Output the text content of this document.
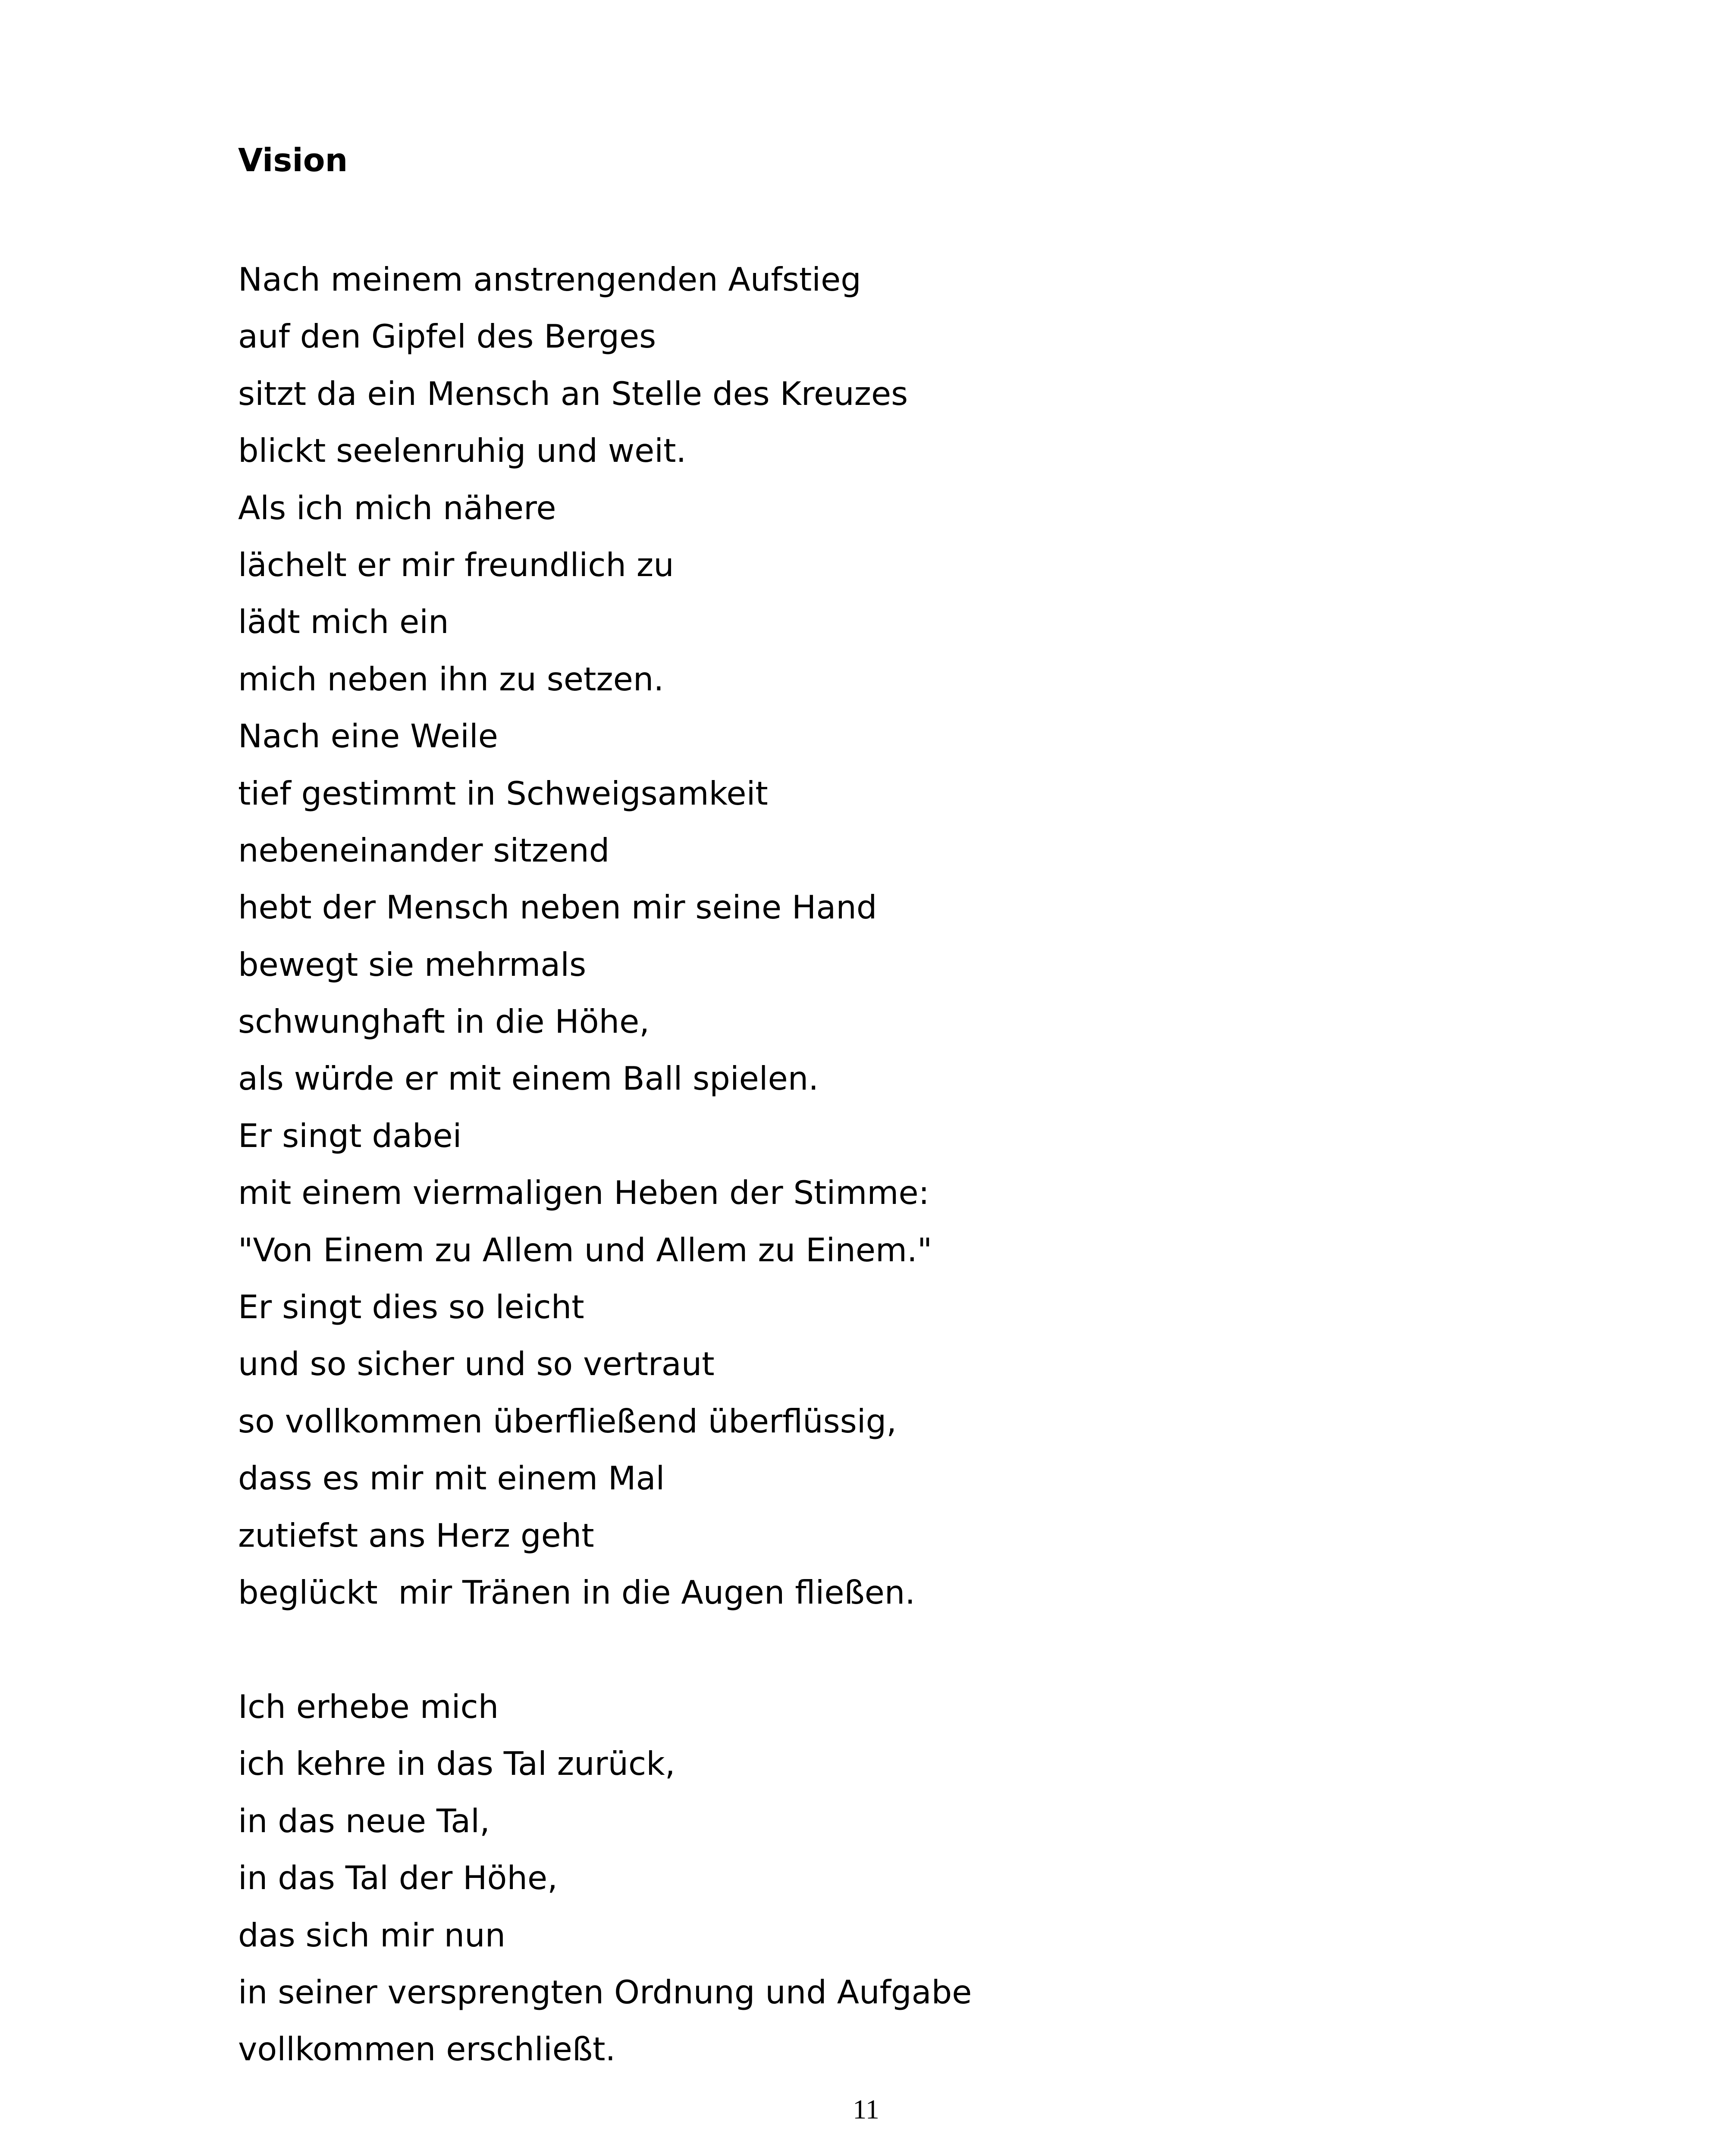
Vision
Nach meinem anstrengenden Aufstieg
auf den Gipfel des Berges
sitzt da ein Mensch an Stelle des Kreuzes
blickt seelenruhig und weit.
Als ich mich nähere
lächelt er mir freundlich zu
lädt mich ein
mich neben ihn zu setzen.
Nach eine Weile
tief gestimmt in Schweigsamkeit
nebeneinander sitzend
hebt der Mensch neben mir seine Hand
bewegt sie mehrmals
schwunghaft in die Höhe,
als würde er mit einem Ball spielen.
Er singt dabei
mit einem viermaligen Heben der Stimme:
"Von Einem zu Allem und Allem zu Einem."
Er singt dies so leicht
und so sicher und so vertraut
so vollkommen überfließend überflüssig,
dass es mir mit einem Mal
zutiefst ans Herz geht
beglückt  mir Tränen in die Augen fließen.
Ich erhebe mich
ich kehre in das Tal zurück,
in das neue Tal,
in das Tal der Höhe,
das sich mir nun
in seiner versprengten Ordnung und Aufgabe
vollkommen erschließt.
11
